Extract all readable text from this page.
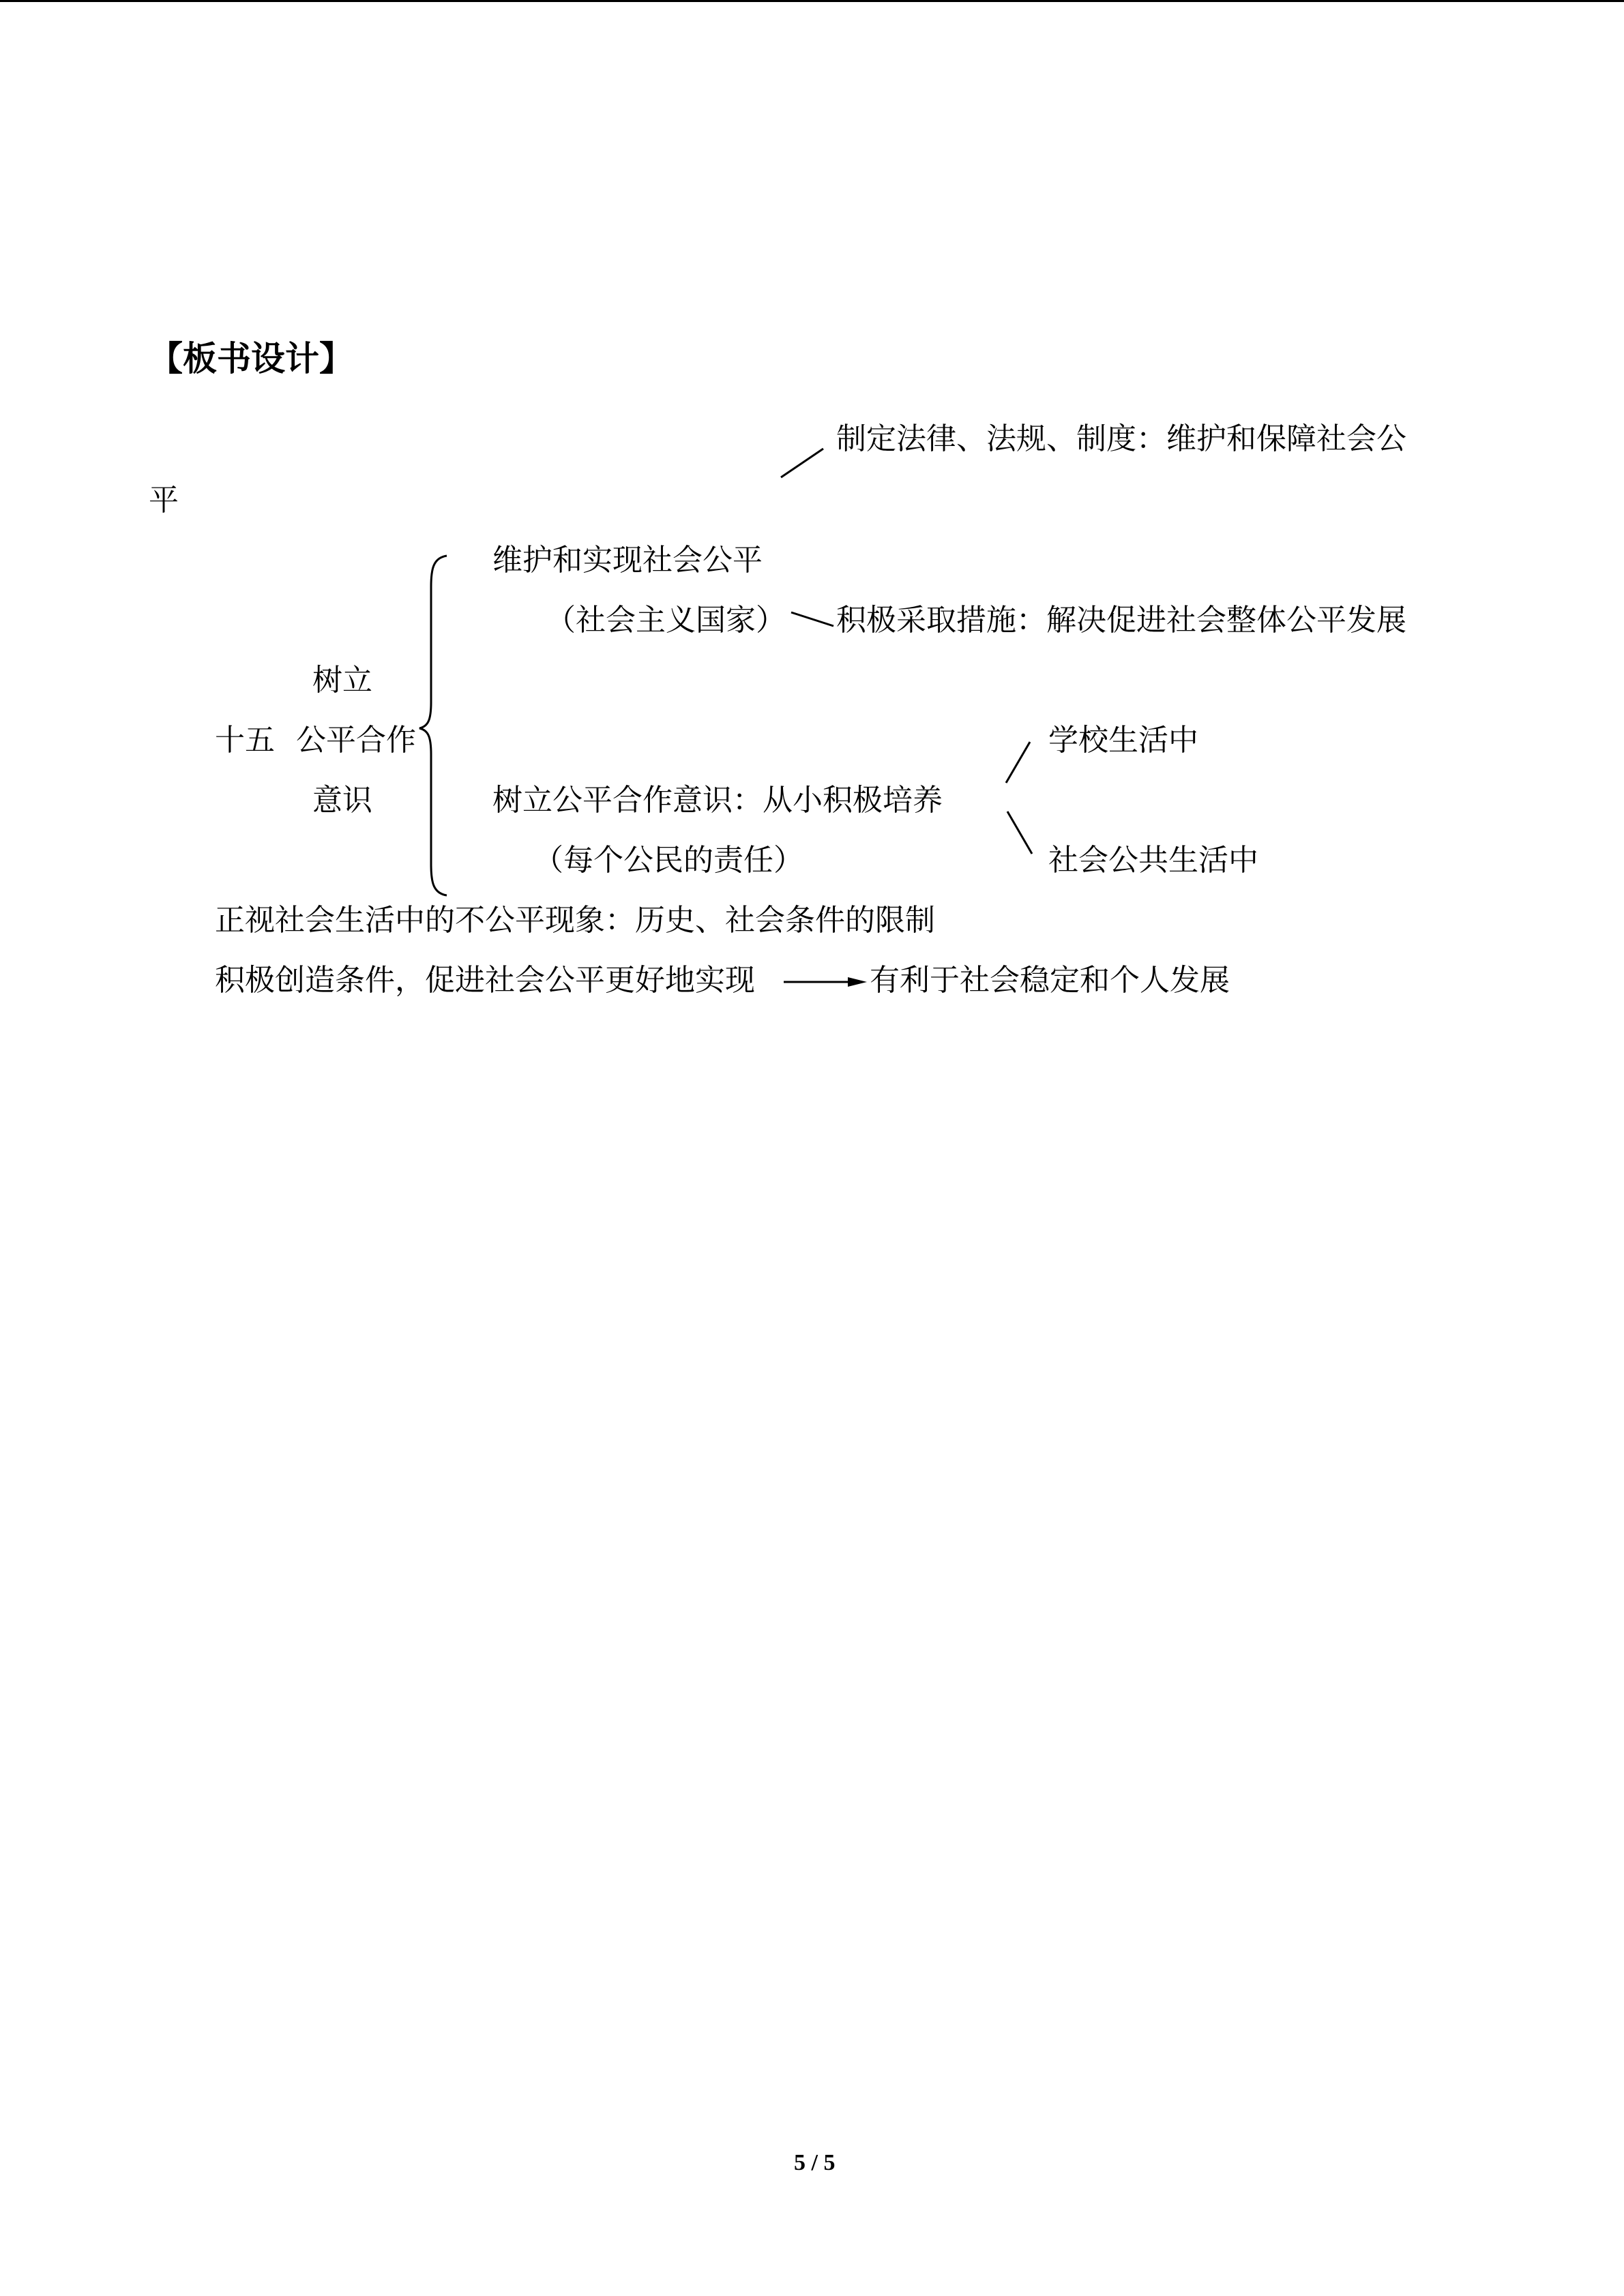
【板书设计】
制定法律、法规、制度：维护和保障社会公
平
维护和实现社会公平
（社会主义国家） 积极采取措施：解决促进社会整体公平发展
树立
十五 公平合作	学校生活中
意识	树立公平合作意识：从小积极培养
（每个公民的责任）	社会公共生活中
正视社会生活中的不公平现象：历史、社会条件的限制
积极创造条件，促进社会公平更好地实现	有利于社会稳定和个人发展
5 / 5
